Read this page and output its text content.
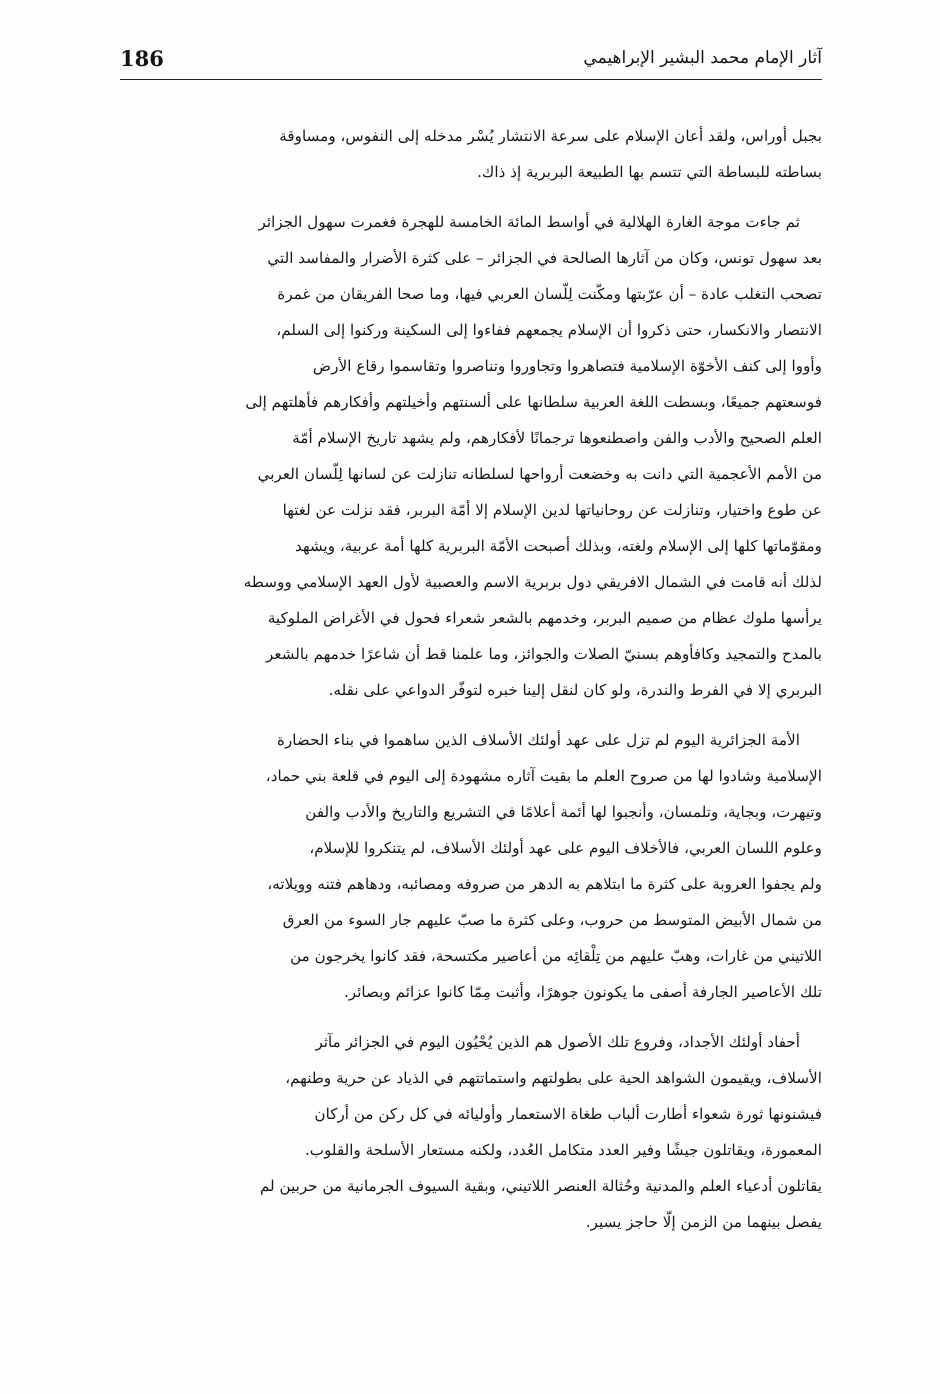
186	آثار الإمام محمد البشير الإبراهيمي

بجبل أوراس، ولقد أعان الإسلام على سرعة الانتشار يُسْر مدخله إلى النفوس، ومساوقة
بساطته للبساطة التي تتسم بها الطبيعة البربرية إذ ذاك.

ثم جاءت موجة الغارة الهلالية في أواسط المائة الخامسة للهجرة فغمرت سهول الجزائر
بعد سهول تونس، وكان من آثارها الصالحة في الجزائر – على كثرة الأضرار والمفاسد التي
تصحب التغلب عادة – أن عرّبتها ومكّنت لِلّسان العربي فيها، وما صحا الفريقان من غمرة
الانتصار والانكسار، حتى ذكروا أن الإسلام يجمعهم ففاءوا إلى السكينة وركنوا إلى السلم،
وأووا إلى كنف الأخوّة الإسلامية فتصاهروا وتجاوروا وتناصروا وتقاسموا رقاع الأرض
فوسعتهم جميعًا، وبسطت اللغة العربية سلطانها على ألسنتهم وأخيلتهم وأفكارهم فأهلتهم إلى
العلم الصحيح والأدب والفن واصطنعوها ترجمانًا لأفكارهم، ولم يشهد تاريخ الإسلام أمّة
من الأمم الأعجمية التي دانت به وخضعت أرواحها لسلطانه تنازلت عن لسانها لِلّسان العربي
عن طوع واختيار، وتنازلت عن روحانياتها لدين الإسلام إلا أمّة البربر، فقد نزلت عن لغتها
ومقوّماتها كلها إلى الإسلام ولغته، وبذلك أصبحت الأمّة البربرية كلها أمة عربية، ويشهد
لذلك أنه قامت في الشمال الافريقي دول بربرية الاسم والعصبية لأول العهد الإسلامي ووسطه
يرأسها ملوك عظام من صميم البربر، وخدمهم بالشعر شعراء فحول في الأغراض الملوكية
بالمدح والتمجيد وكافأوهم بسنيّ الصلات والجوائز، وما علمنا قط أن شاعرًا خدمهم بالشعر
البربري إلا في الفرط والندرة، ولو كان لنقل إلينا خبره لتوفّر الدواعي على نقله.

الأمة الجزائرية اليوم لم تزل على عهد أولئك الأسلاف الذين ساهموا في بناء الحضارة
الإسلامية وشادوا لها من صروح العلم ما بقيت آثاره مشهودة إلى اليوم في قلعة بني حماد،
وتيهرت، وبجاية، وتلمسان، وأنجبوا لها أئمة أعلامًا في التشريع والتاريخ والأدب والفن
وعلوم اللسان العربي، فالأخلاف اليوم على عهد أولئك الأسلاف، لم يتنكروا للإسلام،
ولم يجفوا العروبة على كثرة ما ابتلاهم به الدهر من صروفه ومصائبه، ودهاهم فتنه وويلاته،
من شمال الأبيض المتوسط من حروب، وعلى كثرة ما صبّ عليهم جار السوء من العرق
اللاتيني من غارات، وهبّ عليهم من تِلْقائِه من أعاصير مكتسحة، فقد كانوا يخرجون من
تلك الأعاصير الجارفة أصفى ما يكونون جوهرًا، وأثبت مِمّا كانوا عزائم وبصائر.

أحفاد أولئك الأجداد، وفروع تلك الأصول هم الذين يُحْيُون اليوم في الجزائر مآثر
الأسلاف، ويقيمون الشواهد الحية على بطولتهم واستماتتهم في الذياد عن حرية وطنهم،
فيشنونها ثورة شعواء أطارت ألباب طغاة الاستعمار وأوليائه في كل ركن من أركان
المعمورة، ويقاتلون جيشًا وفير العدد متكامل العُدد، ولكنه مستعار الأسلحة والقلوب.
يقاتلون أدعياء العلم والمدنية وحُثالة العنصر اللاتيني، وبقية السيوف الجرمانية من حربين لم
يفصل بينهما من الزمن إلّا حاجز يسير.
